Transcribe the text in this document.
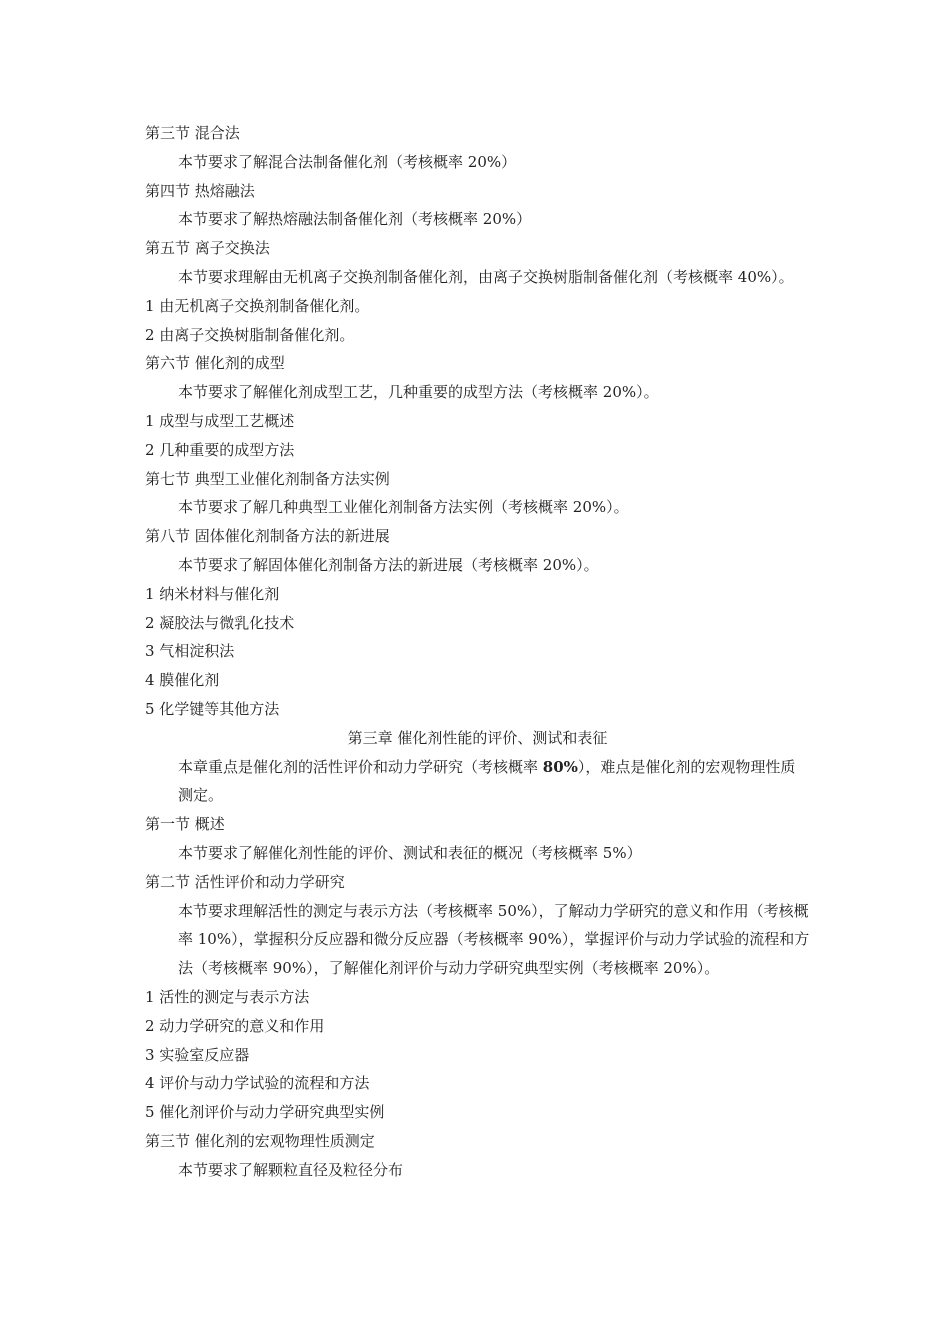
第三节 混合法
本节要求了解混合法制备催化剂（考核概率 20%）
第四节 热熔融法
本节要求了解热熔融法制备催化剂（考核概率 20%）
第五节 离子交换法
本节要求理解由无机离子交换剂制备催化剂，由离子交换树脂制备催化剂（考核概率 40%）。
1 由无机离子交换剂制备催化剂。
2 由离子交换树脂制备催化剂。
第六节 催化剂的成型
本节要求了解催化剂成型工艺，几种重要的成型方法（考核概率 20%）。
1 成型与成型工艺概述
2 几种重要的成型方法
第七节 典型工业催化剂制备方法实例
本节要求了解几种典型工业催化剂制备方法实例（考核概率 20%）。
第八节 固体催化剂制备方法的新进展
本节要求了解固体催化剂制备方法的新进展（考核概率 20%）。
1 纳米材料与催化剂
2 凝胶法与微乳化技术
3 气相淀积法
4 膜催化剂
5 化学键等其他方法
第三章 催化剂性能的评价、测试和表征
本章重点是催化剂的活性评价和动力学研究（考核概率 80%），难点是催化剂的宏观物理性质测定。
第一节 概述
本节要求了解催化剂性能的评价、测试和表征的概况（考核概率 5%）
第二节 活性评价和动力学研究
本节要求理解活性的测定与表示方法（考核概率 50%），了解动力学研究的意义和作用（考核概率 10%），掌握积分反应器和微分反应器（考核概率 90%），掌握评价与动力学试验的流程和方法（考核概率 90%），了解催化剂评价与动力学研究典型实例（考核概率 20%）。
1 活性的测定与表示方法
2 动力学研究的意义和作用
3 实验室反应器
4 评价与动力学试验的流程和方法
5 催化剂评价与动力学研究典型实例
第三节 催化剂的宏观物理性质测定
本节要求了解颗粒直径及粒径分布
